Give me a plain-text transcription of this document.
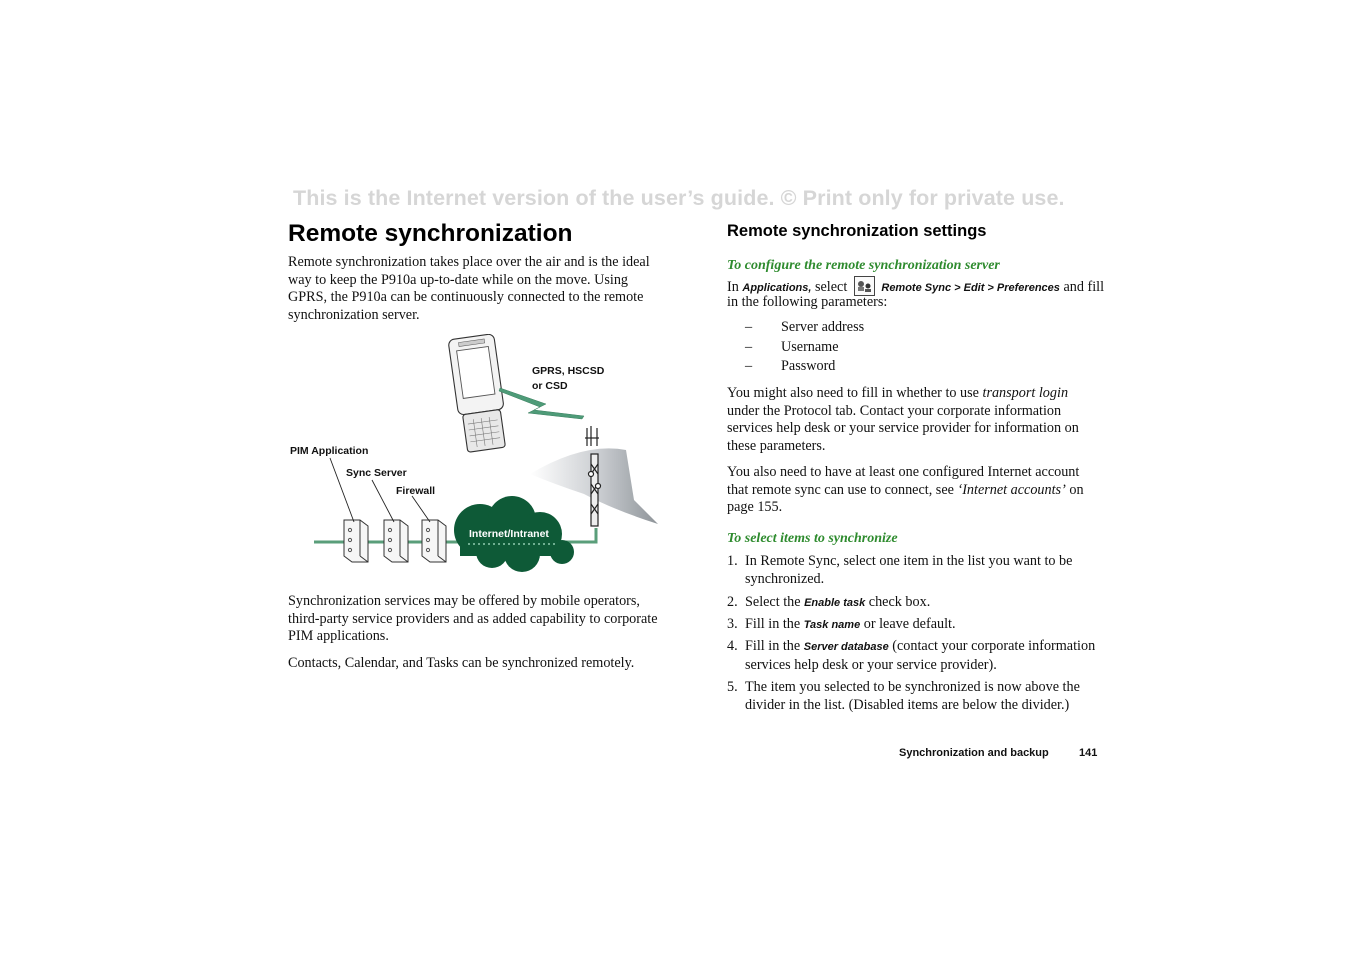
This is the Internet version of the user’s guide. © Print only for private use.
Remote synchronization
Remote synchronization takes place over the air and is the ideal way to keep the P910a up-to-date while on the move. Using GPRS, the P910a can be continuously connected to the remote synchronization server.
GPRS, HSCSD
or CSD
PIM Application
Sync Server
Firewall
Internet/Intranet
Synchronization services may be offered by mobile operators, third-party service providers and as added capability to corporate PIM applications.
Contacts, Calendar, and Tasks can be synchronized remotely.
Remote synchronization settings
To configure the remote synchronization server
In Applications, select	Remote Sync > Edit > Preferences and fill
in the following parameters:
– Server address
– Username
– Password
You might also need to fill in whether to use transport login under the Protocol tab. Contact your corporate information services help desk or your service provider for information on these parameters.
You also need to have at least one configured Internet account that remote sync can use to connect, see ‘Internet accounts’ on page 155.
To select items to synchronize
1. In Remote Sync, select one item in the list you want to be synchronized.
2. Select the Enable task check box.
3. Fill in the Task name or leave default.
4. Fill in the Server database (contact your corporate information services help desk or your service provider).
5. The item you selected to be synchronized is now above the divider in the list. (Disabled items are below the divider.)
Synchronization and backup	141
